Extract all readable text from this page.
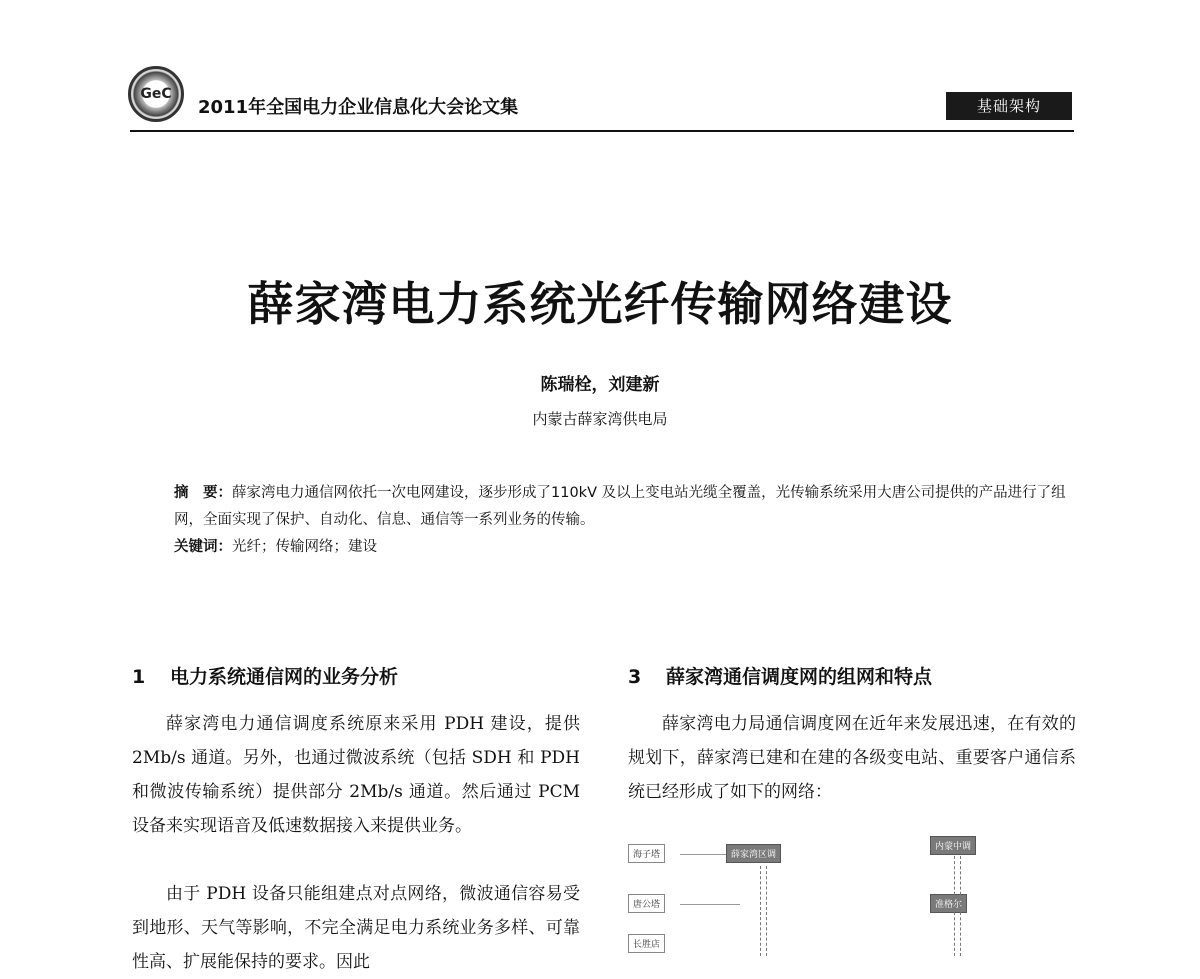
GeC
2011年全国电力企业信息化大会论文集	基础架构
薛家湾电力系统光纤传输网络建设
陈瑞栓，刘建新
内蒙古薛家湾供电局
摘　要：薛家湾电力通信网依托一次电网建设，逐步形成了110kV 及以上变电站光缆全覆盖，光传输系统采用大唐公司提供的产品进行了组网，全面实现了保护、自动化、信息、通信等一系列业务的传输。
关键词：光纤；传输网络；建设
1 电力系统通信网的业务分析
薛家湾电力通信调度系统原来采用 PDH 建设，提供 2Mb/s 通道。另外，也通过微波系统（包括 SDH 和 PDH 和微波传输系统）提供部分 2Mb/s 通道。然后通过 PCM 设备来实现语音及低速数据接入来提供业务。
由于 PDH 设备只能组建点对点网络，微波通信容易受到地形、天气等影响，不完全满足电力系统业务多样、可靠性高、扩展能保持的要求。因此
3 薛家湾通信调度网的组网和特点
薛家湾电力局通信调度网在近年来发展迅速，在有效的规划下，薛家湾已建和在建的各级变电站、重要客户通信系统已经形成了如下的网络：
海子塔	薛家湾区调
唐公塔
长胜店
内蒙中调
准格尔
